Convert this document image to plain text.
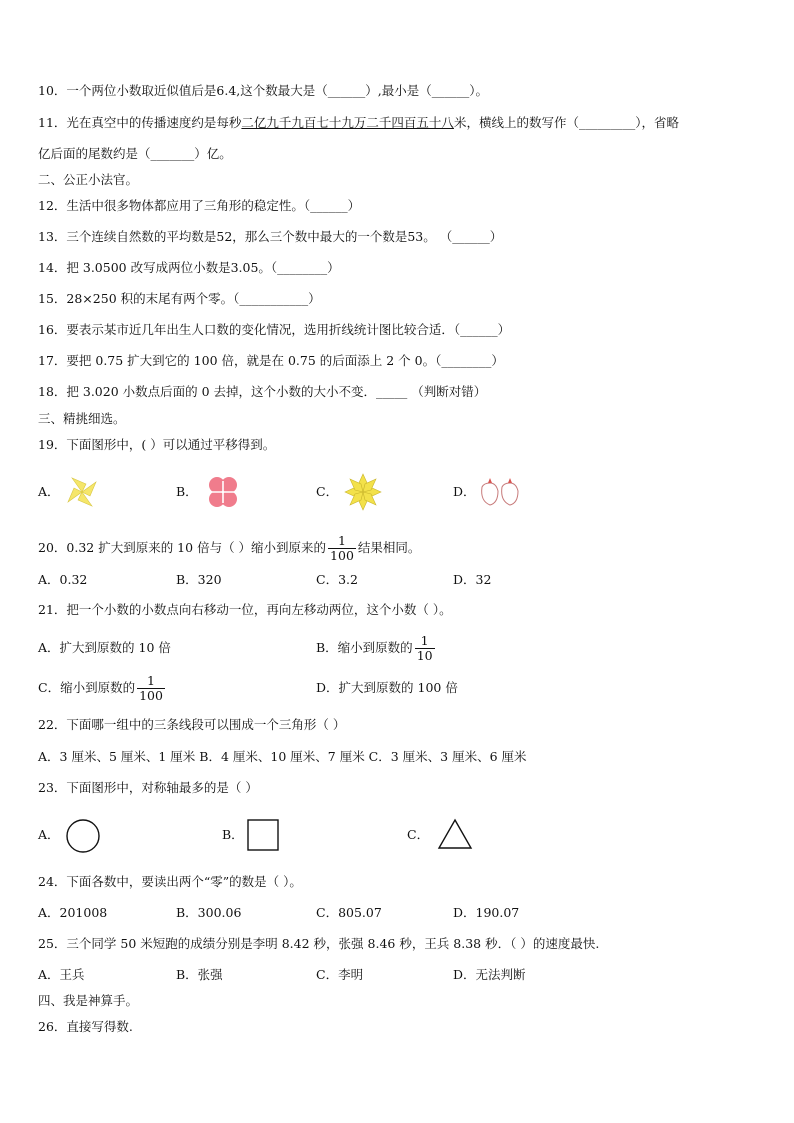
10．一个两位小数取近似值后是6.4,这个数最大是（______）,最小是（______）。
11．光在真空中的传播速度约是每秒二亿九千九百七十九万二千四百五十八米，横线上的数写作（_________），省略
亿后面的尾数约是（_______）亿。
二、公正小法官。
12．生活中很多物体都应用了三角形的稳定性。（______）
13．三个连续自然数的平均数是52，那么三个数中最大的一个数是53。 （______）
14．把 3.0500 改写成两位小数是3.05。（________）
15．28×250 积的末尾有两个零。（___________）
16．要表示某市近几年出生人口数的变化情况，选用折线统计图比较合适．（______）
17．要把 0.75 扩大到它的 100 倍，就是在 0.75 的后面添上 2 个 0。（________）
18．把 3.020 小数点后面的 0 去掉，这个小数的大小不变．_____ （判断对错）
三、精挑细选。
19．下面图形中，( ）可以通过平移得到。
A．	B．	C．	D．
20．0.32 扩大到原来的 10 倍与（ ）缩小到原来的 $\frac{1}{100}$ 结果相同。
A．0.32	B．320	C．3.2	D．32
21．把一个小数的小数点向右移动一位，再向左移动两位，这个小数（ ）。
A．扩大到原数的 10 倍	B．缩小到原数的 $\frac{1}{10}$
C．缩小到原数的 $\frac{1}{100}$	D．扩大到原数的 100 倍
22．下面哪一组中的三条线段可以围成一个三角形（ ）
A．3 厘米、5 厘米、1 厘米 B．4 厘米、10 厘米、7 厘米 C．3 厘米、3 厘米、6 厘米
23．下面图形中，对称轴最多的是（ ）
A．	B．	C．
24．下面各数中，要读出两个“零”的数是（ ）。
A．201008	B．300.06	C．805.07	D．190.07
25．三个同学 50 米短跑的成绩分别是李明 8.42 秒，张强 8.46 秒，王兵 8.38 秒．（ ）的速度最快.
A．王兵	B．张强	C．李明	D．无法判断
四、我是神算手。
26．直接写得数.
